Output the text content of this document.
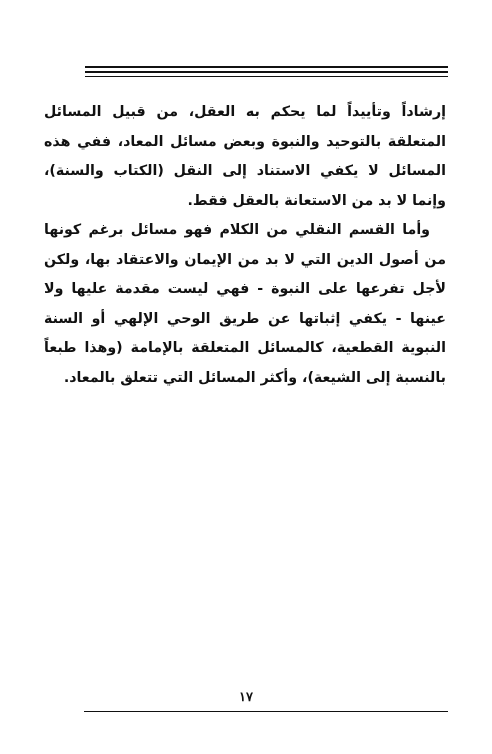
إرشاداً وتأييداً لما يحكم به العقل، من قبيل المسائل المتعلقة بالتوحيد والنبوة وبعض مسائل المعاد، ففي هذه المسائل لا يكفي الاستناد إلى النقل (الكتاب والسنة)، وإنما لا بد من الاستعانة بالعقل فقط.

وأما القسم النقلي من الكلام فهو مسائل برغم كونها من أصول الدين التي لا بد من الإيمان والاعتقاد بها، ولكن لأجل تفرعها على النبوة - فهي ليست مقدمة عليها ولا عينها - يكفي إثباتها عن طريق الوحي الإلهي أو السنة النبوية القطعية، كالمسائل المتعلقة بالإمامة (وهذا طبعاً بالنسبة إلى الشيعة)، وأكثر المسائل التي تتعلق بالمعاد.

١٧
